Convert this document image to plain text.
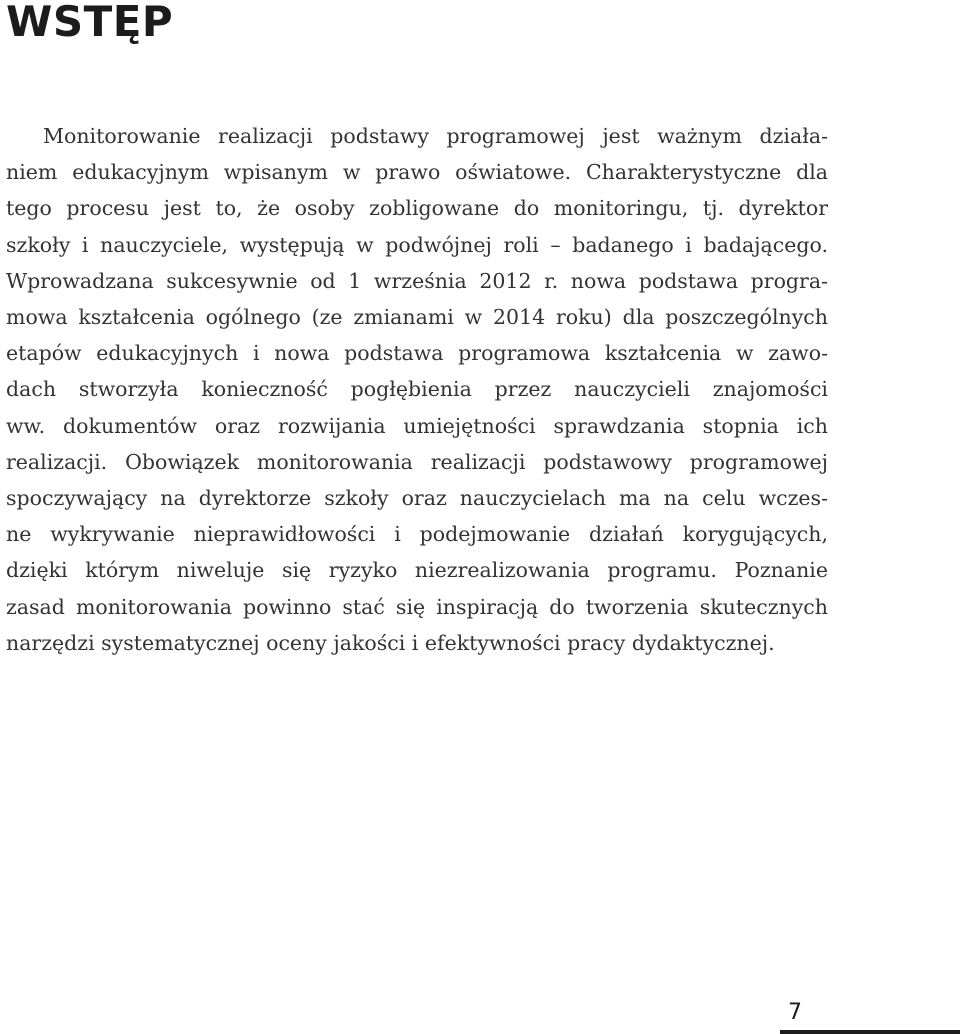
WSTĘP
Monitorowanie realizacji podstawy programowej jest ważnym działa-
niem edukacyjnym wpisanym w prawo oświatowe. Charakterystyczne dla
tego procesu jest to, że osoby zobligowane do monitoringu, tj. dyrektor
szkoły i nauczyciele, występują w podwójnej roli – badanego i badającego.
Wprowadzana sukcesywnie od 1 września 2012 r. nowa podstawa progra-
mowa kształcenia ogólnego (ze zmianami w 2014 roku) dla poszczególnych
etapów edukacyjnych i nowa podstawa programowa kształcenia w zawo-
dach stworzyła konieczność pogłębienia przez nauczycieli znajomości
ww. dokumentów oraz rozwijania umiejętności sprawdzania stopnia ich
realizacji. Obowiązek monitorowania realizacji podstawowy programowej
spoczywający na dyrektorze szkoły oraz nauczycielach ma na celu wczes-
ne wykrywanie nieprawidłowości i podejmowanie działań korygujących,
dzięki którym niweluje się ryzyko niezrealizowania programu. Poznanie
zasad monitorowania powinno stać się inspiracją do tworzenia skutecznych
narzędzi systematycznej oceny jakości i efektywności pracy dydaktycznej.
7
